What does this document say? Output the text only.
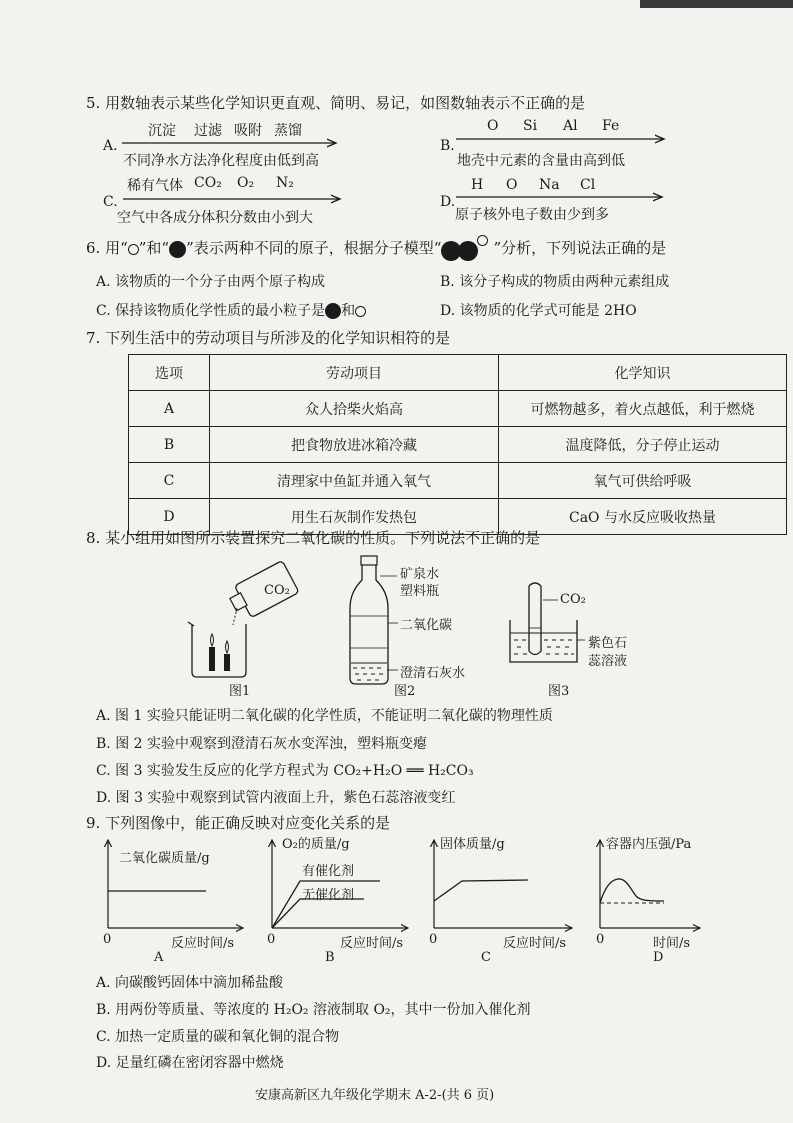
5. 用数轴表示某些化学知识更直观、简明、易记，如图数轴表示不正确的是
A.
沉淀 过滤 吸附 蒸馏
不同净水方法净化程度由低到高
B.
O Si Al Fe
地壳中元素的含量由高到低
C.
稀有气体 CO₂ O₂ N₂
空气中各成分体积分数由小到大
D.
H O Na Cl
原子核外电子数由少到多
6. 用“ ”和“ ”表示两种不同的原子，根据分子模型“	”分析，下列说法正确的是
A. 该物质的一个分子由两个原子构成	B. 该分子构成的物质由两种元素组成
C. 保持该物质化学性质的最小粒子是 和	D. 该物质的化学式可能是 2HO
7. 下列生活中的劳动项目与所涉及的化学知识相符的是
选项	劳动项目	化学知识
A	众人拾柴火焰高	可燃物越多，着火点越低，利于燃烧
B	把食物放进冰箱冷藏	温度降低，分子停止运动
C	清理家中鱼缸并通入氧气	氧气可供给呼吸
D	用生石灰制作发热包	CaO 与水反应吸收热量
8. 某小组用如图所示装置探究二氧化碳的性质。下列说法不正确的是
CO₂
图1
矿泉水
塑料瓶
二氧化碳
澄清石灰水
图2
CO₂
紫色石
蕊溶液
图3
A. 图 1 实验只能证明二氧化碳的化学性质，不能证明二氧化碳的物理性质
B. 图 2 实验中观察到澄清石灰水变浑浊，塑料瓶变瘪
C. 图 3 实验发生反应的化学方程式为 CO₂+H₂O ══ H₂CO₃
D. 图 3 实验中观察到试管内液面上升，紫色石蕊溶液变红
9. 下列图像中，能正确反映对应变化关系的是
二氧化碳质量/g
0	反应时间/s
A
O₂的质量/g
有催化剂
无催化剂
0	反应时间/s
B
固体质量/g
0	反应时间/s
C
容器内压强/Pa
0	时间/s
D
A. 向碳酸钙固体中滴加稀盐酸
B. 用两份等质量、等浓度的 H₂O₂ 溶液制取 O₂，其中一份加入催化剂
C. 加热一定质量的碳和氧化铜的混合物
D. 足量红磷在密闭容器中燃烧
安康高新区九年级化学期末 A-2-(共 6 页)
